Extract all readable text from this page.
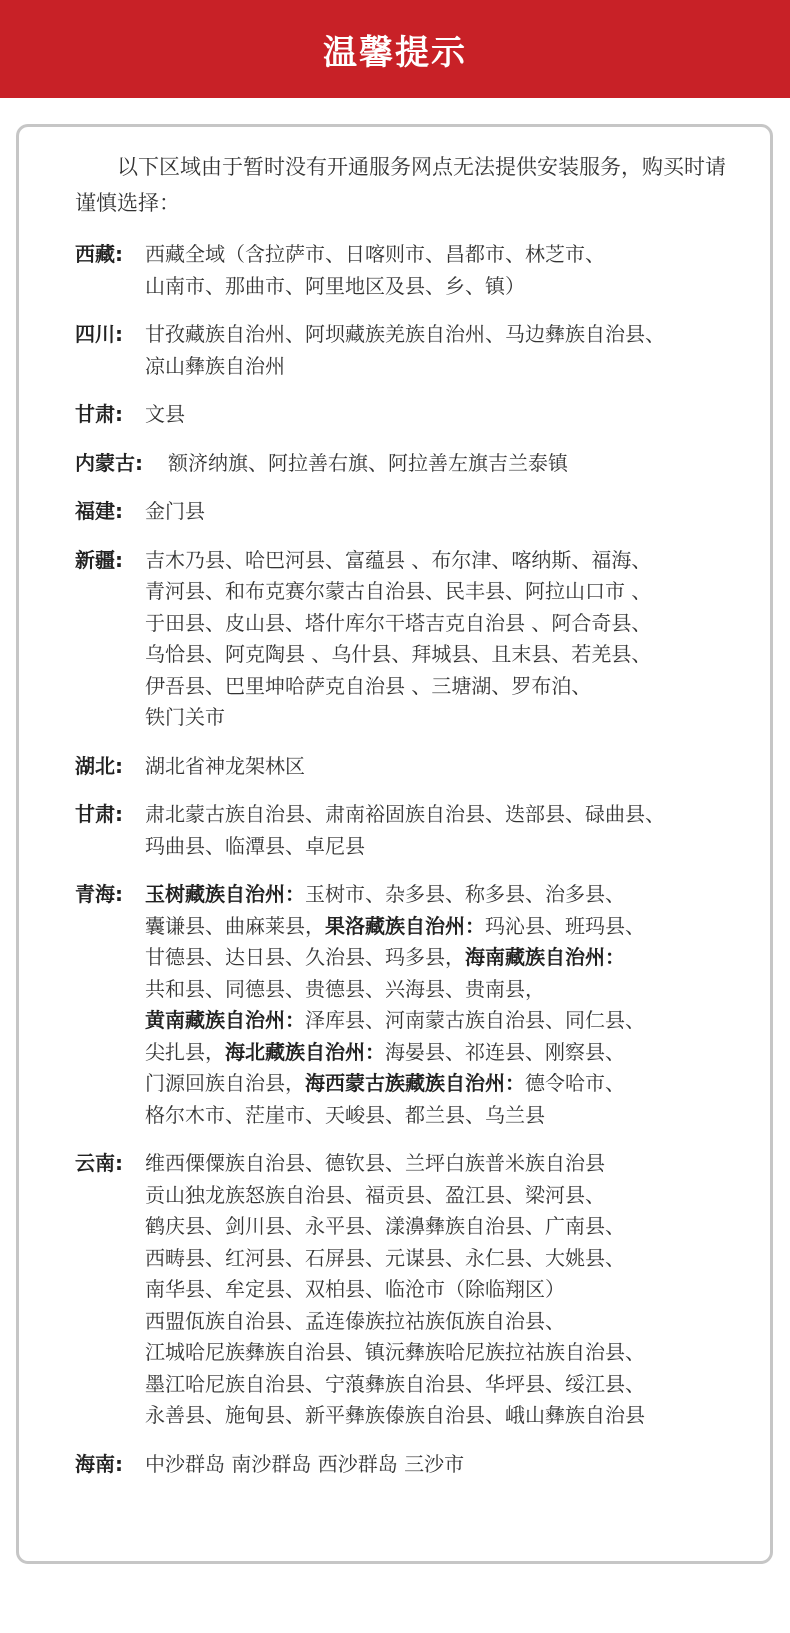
温馨提示

以下区域由于暂时没有开通服务网点无法提供安装服务，购买时请谨慎选择：

西藏:	西藏全域（含拉萨市、日喀则市、昌都市、林芝市、
山南市、那曲市、阿里地区及县、乡、镇）
四川:	甘孜藏族自治州、阿坝藏族羌族自治州、马边彝族自治县、
凉山彝族自治州
甘肃:	文县
内蒙古:	额济纳旗、阿拉善右旗、阿拉善左旗吉兰泰镇
福建:	金门县
新疆:	吉木乃县、哈巴河县、富蕴县 、布尔津、喀纳斯、福海、
青河县、和布克赛尔蒙古自治县、民丰县、阿拉山口市 、
于田县、皮山县、塔什库尔干塔吉克自治县 、阿合奇县、
乌恰县、阿克陶县 、乌什县、拜城县、且末县、若羌县、
伊吾县、巴里坤哈萨克自治县 、三塘湖、罗布泊、
铁门关市
湖北:	湖北省神龙架林区
甘肃:	肃北蒙古族自治县、肃南裕固族自治县、迭部县、碌曲县、
玛曲县、临潭县、卓尼县
青海:	玉树藏族自治州：玉树市、杂多县、称多县、治多县、
囊谦县、曲麻莱县，果洛藏族自治州：玛沁县、班玛县、
甘德县、达日县、久治县、玛多县，海南藏族自治州：
共和县、同德县、贵德县、兴海县、贵南县，
黄南藏族自治州：泽库县、河南蒙古族自治县、同仁县、
尖扎县，海北藏族自治州：海晏县、祁连县、刚察县、
门源回族自治县，海西蒙古族藏族自治州：德令哈市、
格尔木市、茫崖市、天峻县、都兰县、乌兰县
云南:	维西傈僳族自治县、德钦县、兰坪白族普米族自治县
贡山独龙族怒族自治县、福贡县、盈江县、梁河县、
鹤庆县、剑川县、永平县、漾濞彝族自治县、广南县、
西畴县、红河县、石屏县、元谋县、永仁县、大姚县、
南华县、牟定县、双柏县、临沧市（除临翔区）
西盟佤族自治县、孟连傣族拉祜族佤族自治县、
江城哈尼族彝族自治县、镇沅彝族哈尼族拉祜族自治县、
墨江哈尼族自治县、宁蒗彝族自治县、华坪县、绥江县、
永善县、施甸县、新平彝族傣族自治县、峨山彝族自治县
海南:	中沙群岛 南沙群岛 西沙群岛 三沙市
